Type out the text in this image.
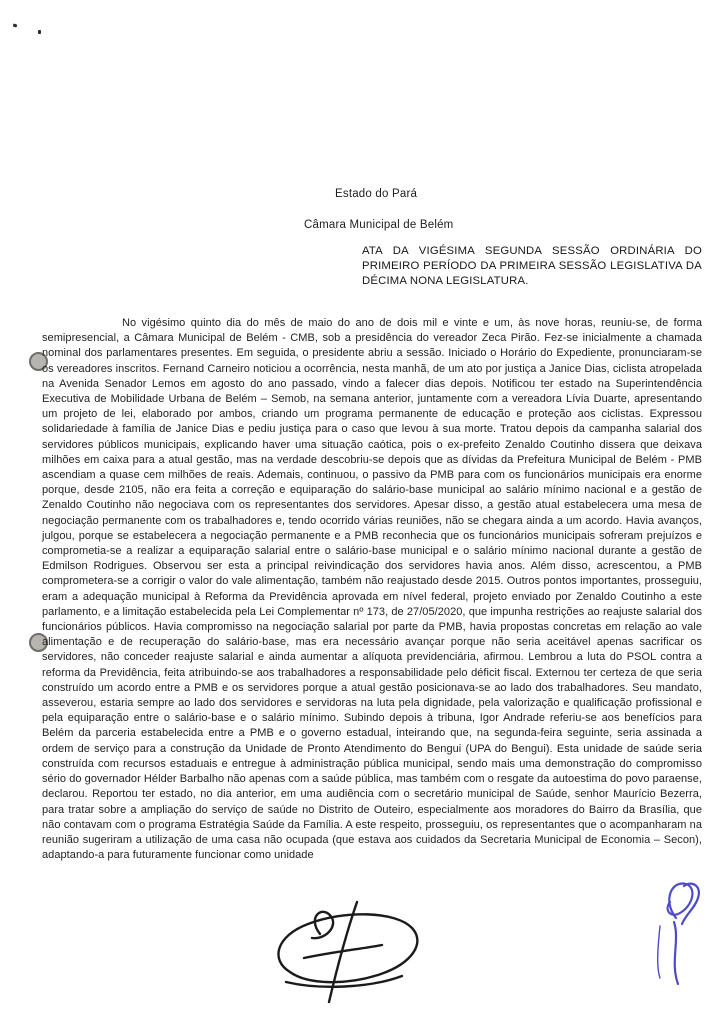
Estado do Pará
Câmara Municipal de Belém
ATA DA VIGÉSIMA SEGUNDA SESSÃO ORDINÁRIA DO PRIMEIRO PERÍODO DA PRIMEIRA SESSÃO LEGISLATIVA DA DÉCIMA NONA LEGISLATURA.
No vigésimo quinto dia do mês de maio do ano de dois mil e vinte e um, às nove horas, reuniu-se, de forma semipresencial, a Câmara Municipal de Belém - CMB, sob a presidência do vereador Zeca Pirão. Fez-se inicialmente a chamada nominal dos parlamentares presentes. Em seguida, o presidente abriu a sessão. Iniciado o Horário do Expediente, pronunciaram-se os vereadores inscritos. Fernand Carneiro noticiou a ocorrência, nesta manhã, de um ato por justiça a Janice Dias, ciclista atropelada na Avenida Senador Lemos em agosto do ano passado, vindo a falecer dias depois. Notificou ter estado na Superintendência Executiva de Mobilidade Urbana de Belém – Semob, na semana anterior, juntamente com a vereadora Lívia Duarte, apresentando um projeto de lei, elaborado por ambos, criando um programa permanente de educação e proteção aos ciclistas. Expressou solidariedade à família de Janice Dias e pediu justiça para o caso que levou à sua morte. Tratou depois da campanha salarial dos servidores públicos municipais, explicando haver uma situação caótica, pois o ex-prefeito Zenaldo Coutinho dissera que deixava milhões em caixa para a atual gestão, mas na verdade descobriu-se depois que as dívidas da Prefeitura Municipal de Belém - PMB ascendiam a quase cem milhões de reais. Ademais, continuou, o passivo da PMB para com os funcionários municipais era enorme porque, desde 2105, não era feita a correção e equiparação do salário-base municipal ao salário mínimo nacional e a gestão de Zenaldo Coutinho não negociava com os representantes dos servidores. Apesar disso, a gestão atual estabelecera uma mesa de negociação permanente com os trabalhadores e, tendo ocorrido várias reuniões, não se chegara ainda a um acordo. Havia avanços, julgou, porque se estabelecera a negociação permanente e a PMB reconhecia que os funcionários municipais sofreram prejuízos e comprometia-se a realizar a equiparação salarial entre o salário-base municipal e o salário mínimo nacional durante a gestão de Edmilson Rodrigues. Observou ser esta a principal reivindicação dos servidores havia anos. Além disso, acrescentou, a PMB comprometera-se a corrigir o valor do vale alimentação, também não reajustado desde 2015. Outros pontos importantes, prosseguiu, eram a adequação municipal à Reforma da Previdência aprovada em nível federal, projeto enviado por Zenaldo Coutinho a este parlamento, e a limitação estabelecida pela Lei Complementar nº 173, de 27/05/2020, que impunha restrições ao reajuste salarial dos funcionários públicos. Havia compromisso na negociação salarial por parte da PMB, havia propostas concretas em relação ao vale alimentação e de recuperação do salário-base, mas era necessário avançar porque não seria aceitável apenas sacrificar os servidores, não conceder reajuste salarial e ainda aumentar a alíquota previdenciária, afirmou. Lembrou a luta do PSOL contra a reforma da Previdência, feita atribuindo-se aos trabalhadores a responsabilidade pelo déficit fiscal. Externou ter certeza de que seria construído um acordo entre a PMB e os servidores porque a atual gestão posicionava-se ao lado dos trabalhadores. Seu mandato, asseverou, estaria sempre ao lado dos servidores e servidoras na luta pela dignidade, pela valorização e qualificação profissional e pela equiparação entre o salário-base e o salário mínimo. Subindo depois à tribuna, Igor Andrade referiu-se aos benefícios para Belém da parceria estabelecida entre a PMB e o governo estadual, inteirando que, na segunda-feira seguinte, seria assinada a ordem de serviço para a construção da Unidade de Pronto Atendimento do Bengui (UPA do Bengui). Esta unidade de saúde seria construída com recursos estaduais e entregue à administração pública municipal, sendo mais uma demonstração do compromisso sério do governador Hélder Barbalho não apenas com a saúde pública, mas também com o resgate da autoestima do povo paraense, declarou. Reportou ter estado, no dia anterior, em uma audiência com o secretário municipal de Saúde, senhor Maurício Bezerra, para tratar sobre a ampliação do serviço de saúde no Distrito de Outeiro, especialmente aos moradores do Bairro da Brasília, que não contavam com o programa Estratégia Saúde da Família. A este respeito, prosseguiu, os representantes que o acompanharam na reunião sugeriram a utilização de uma casa não ocupada (que estava aos cuidados da Secretaria Municipal de Economia – Secon), adaptando-a para futuramente funcionar como unidade
